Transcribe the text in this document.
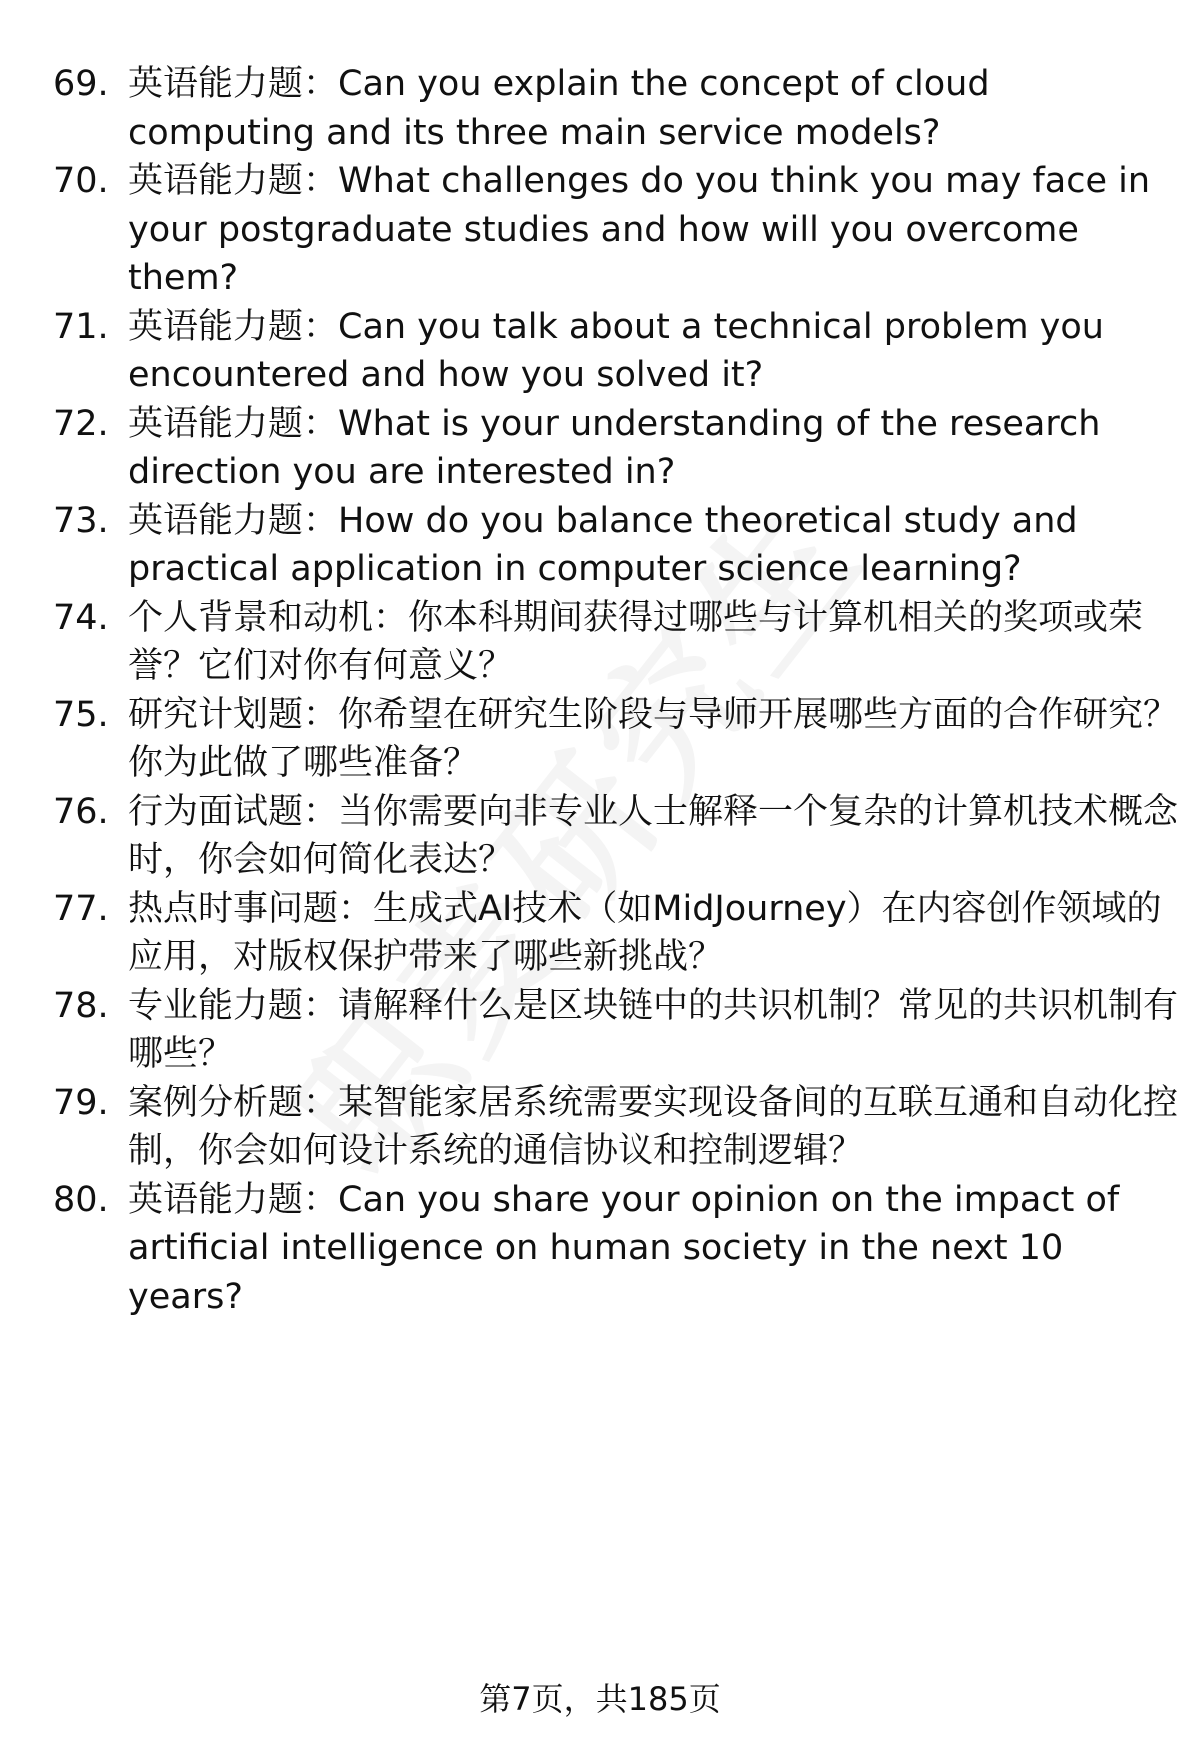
69. 英语能力题：Can you explain the concept of cloud computing and its three main service models?
70. 英语能力题：What challenges do you think you may face in your postgraduate studies and how will you overcome them?
71. 英语能力题：Can you talk about a technical problem you encountered and how you solved it?
72. 英语能力题：What is your understanding of the research direction you are interested in?
73. 英语能力题：How do you balance theoretical study and practical application in computer science learning?
74. 个人背景和动机：你本科期间获得过哪些与计算机相关的奖项或荣誉？它们对你有何意义？
75. 研究计划题：你希望在研究生阶段与导师开展哪些方面的合作研究？你为此做了哪些准备？
76. 行为面试题：当你需要向非专业人士解释一个复杂的计算机技术概念时，你会如何简化表达？
77. 热点时事问题：生成式AI技术（如MidJourney）在内容创作领域的应用，对版权保护带来了哪些新挑战？
78. 专业能力题：请解释什么是区块链中的共识机制？常见的共识机制有哪些？
79. 案例分析题：某智能家居系统需要实现设备间的互联互通和自动化控制，你会如何设计系统的通信协议和控制逻辑？
80. 英语能力题：Can you share your opinion on the impact of artificial intelligence on human society in the next 10 years?
第7页，共185页
